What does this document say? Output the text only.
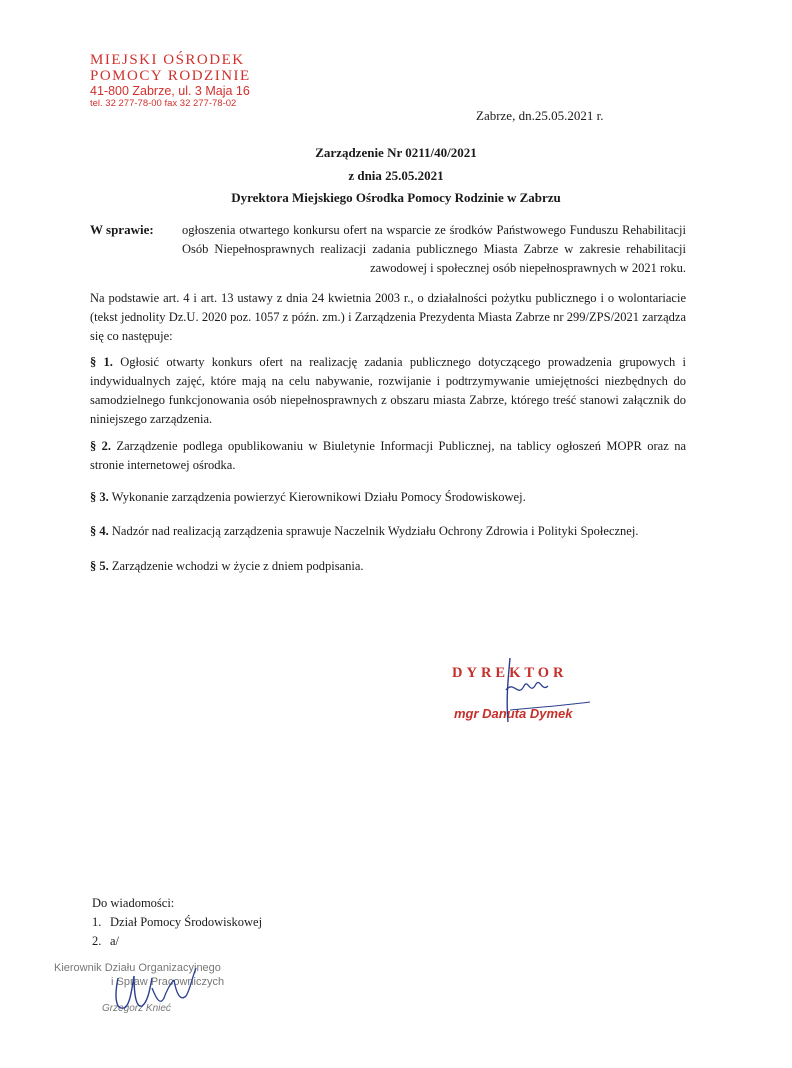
MIEJSKI OŚRODEK
POMOCY RODZINIE
41-800 Zabrze, ul. 3 Maja 16
tel. 32 277-78-00 fax 32 277-78-02
Zabrze, dn.25.05.2021 r.
Zarządzenie Nr 0211/40/2021
z dnia 25.05.2021
Dyrektora Miejskiego Ośrodka Pomocy Rodzinie w Zabrzu
W sprawie: ogłoszenia otwartego konkursu ofert na wsparcie ze środków Państwowego Funduszu Rehabilitacji Osób Niepełnosprawnych realizacji zadania publicznego Miasta Zabrze w zakresie rehabilitacji zawodowej i społecznej osób niepełnosprawnych w 2021 roku.
Na podstawie art. 4 i art. 13 ustawy z dnia 24 kwietnia 2003 r., o działalności pożytku publicznego i o wolontariacie (tekst jednolity Dz.U. 2020 poz. 1057 z późn. zm.) i Zarządzenia Prezydenta Miasta Zabrze nr 299/ZPS/2021 zarządza się co następuje:
§ 1. Ogłosić otwarty konkurs ofert na realizację zadania publicznego dotyczącego prowadzenia grupowych i indywidualnych zajęć, które mają na celu nabywanie, rozwijanie i podtrzymywanie umiejętności niezbędnych do samodzielnego funkcjonowania osób niepełnosprawnych z obszaru miasta Zabrze, którego treść stanowi załącznik do niniejszego zarządzenia.
§ 2. Zarządzenie podlega opublikowaniu w Biuletynie Informacji Publicznej, na tablicy ogłoszeń MOPR oraz na stronie internetowej ośrodka.
§ 3. Wykonanie zarządzenia powierzyć Kierownikowi Działu Pomocy Środowiskowej.
§ 4. Nadzór nad realizacją zarządzenia sprawuje Naczelnik Wydziału Ochrony Zdrowia i Polityki Społecznej.
§ 5. Zarządzenie wchodzi w życie z dniem podpisania.
DYREKTOR
mgr Danuta Dymek
Do wiadomości:
1. Dział Pomocy Środowiskowej
2. a/
Kierownik Działu Organizacyjnego
i Spraw Pracowniczych
Grzegorz Knieć
